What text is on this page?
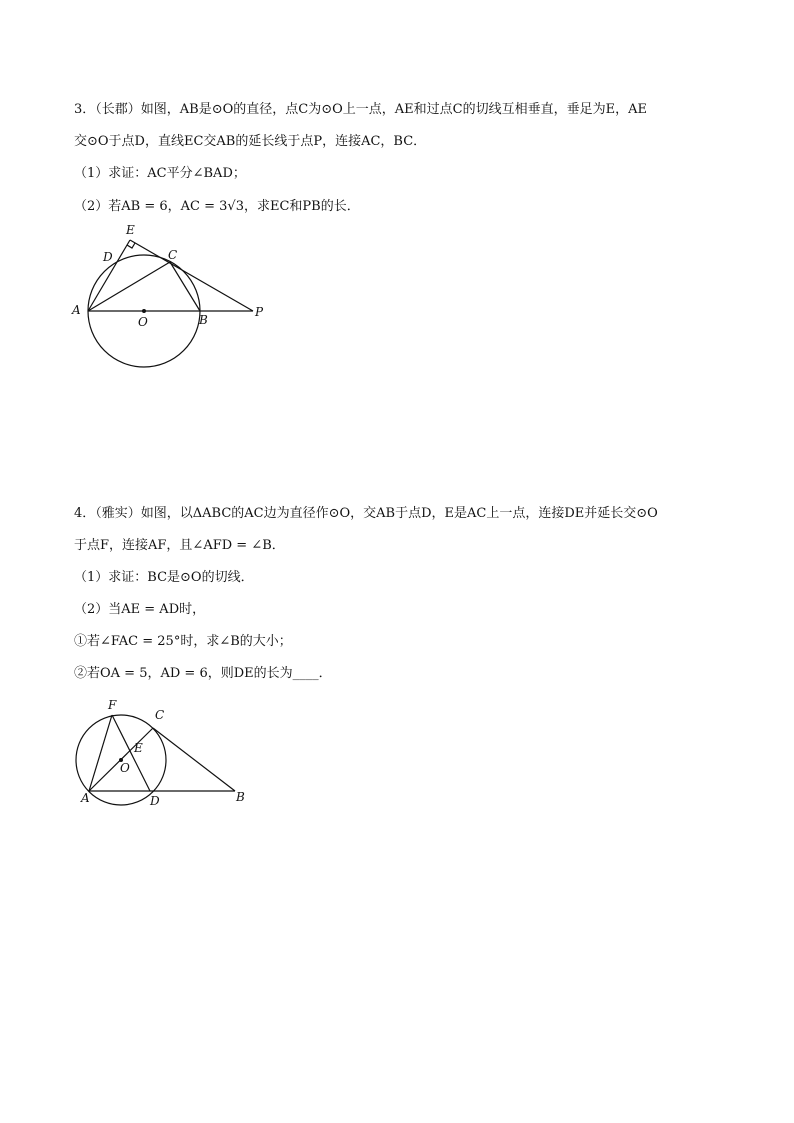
3．（长郡）如图，AB是⊙O的直径，点C为⊙O上一点，AE和过点C的切线互相垂直，垂足为E，AE
交⊙O于点D，直线EC交AB的延长线于点P，连接AC，BC．
（1）求证：AC平分∠BAD；
（2）若AB = 6，AC = 3√3，求EC和PB的长．
E
D	C
A
O	B
P
4．（雅实）如图，以ΔABC的AC边为直径作⊙O，交AB于点D，E是AC上一点，连接DE并延长交⊙O
于点F，连接AF，且∠AFD = ∠B．
（1）求证：BC是⊙O的切线．
（2）当AE = AD时，
①若∠FAC = 25°时，求∠B的大小；
②若OA = 5，AD = 6，则DE的长为____．
F
C
E
O
A	D	B
